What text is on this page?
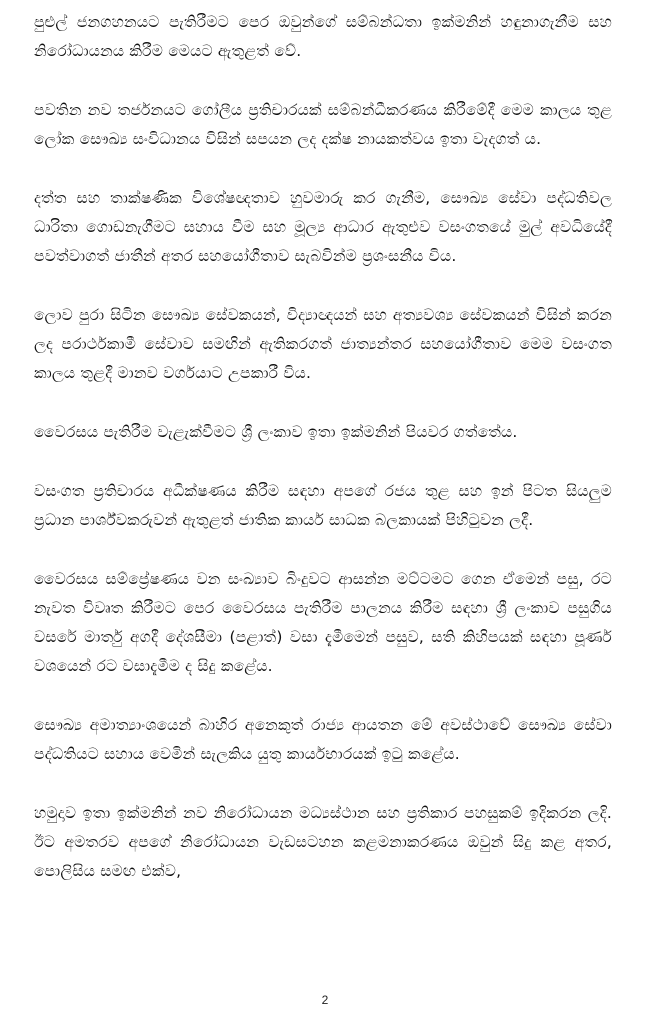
පුළුල් ජනගහනයට පැතිරීමට පෙර ඔවුන්ගේ සම්බන්ධතා ඉක්මනින් හඳුනාගැනීම සහ නිරෝධායනය කිරීම මෙයට ඇතුළත් වේ.

පවතින නව තර්ජනයට ගෝලීය ප්‍රතිචාරයක් සම්බන්ධීකරණය කිරීමේදී මෙම කාලය තුළ ලෝක සෞඛ්‍ය සංවිධානය විසින් සපයන ලද දක්ෂ නායකත්වය ඉතා වැදගත් ය.

දත්ත සහ තාක්ෂණික විශේෂඥතාව හුවමාරු කර ගැනීම, සෞඛ්‍ය සේවා පද්ධතිවල ධාරිතා ගොඩනැගීමට සහාය වීම සහ මූල්‍ය ආධාර ඇතුළුව වසංගතයේ මුල් අවධියේදී පවත්වාගත් ජාතීන් අතර සහයෝගීතාව සැබවින්ම ප්‍රශංසනීය විය.

ලොව පුරා සිටින සෞඛ්‍ය සේවකයන්, විද්‍යාඥයන් සහ අත්‍යවශ්‍ය සේවකයන් විසින් කරන ලද පරාර්ථකාමී සේවාව සමඟින් ඇතිකරගත් ජාත්‍යන්තර සහයෝගීතාව මෙම වසංගත කාලය තුළදී මානව වර්ගයාට උපකාරී විය.

වෛරසය පැතිරීම වැළැක්වීමට ශ්‍රී ලංකාව ඉතා ඉක්මනින් පියවර ගත්තේය.

වසංගත ප්‍රතිචාරය අධීක්ෂණය කිරීම සඳහා අපගේ රජය තුළ සහ ඉන් පිටත සියලුම ප්‍රධාන පාර්ශ්වකරුවන් ඇතුළත් ජාතික කාර්ය සාධක බලකායක් පිහිටුවන ලදී.

වෛරසය සම්ප්‍රේෂණය වන සංඛ්‍යාව බිංදුවට ආසන්න මට්ටමට ගෙන ඒමෙන් පසු, රට නැවත විවෘත කිරීමට පෙර වෛරසය පැතිරීම පාලනය කිරීම සඳහා ශ්‍රී ලංකාව පසුගිය වසරේ මාර්තු අගදී දේශසීමා (පළාත්) වසා දැමීමෙන් පසුව, සති කිහිපයක් සඳහා පූර්ණ වශයෙන් රට වසාදැමීම ද සිදු කළේය.

සෞඛ්‍ය අමාත්‍යාංශයෙන් බාහිර අනෙකුත් රාජ්‍ය ආයතන මේ අවස්ථාවේ සෞඛ්‍ය සේවා පද්ධතියට සහාය වෙමින් සැලකිය යුතු කාර්යභාරයක් ඉටු කළේය.

හමුදාව ඉතා ඉක්මනින් නව නිරෝධායන මධ්‍යස්ථාන සහ ප්‍රතිකාර පහසුකම් ඉදිකරන ලදි. ඊට අමතරව අපගේ නිරෝධායන වැඩසටහන කළමනාකරණය ඔවුන් සිදු කළ අතර, පොලිසිය සමඟ එක්ව,

2
